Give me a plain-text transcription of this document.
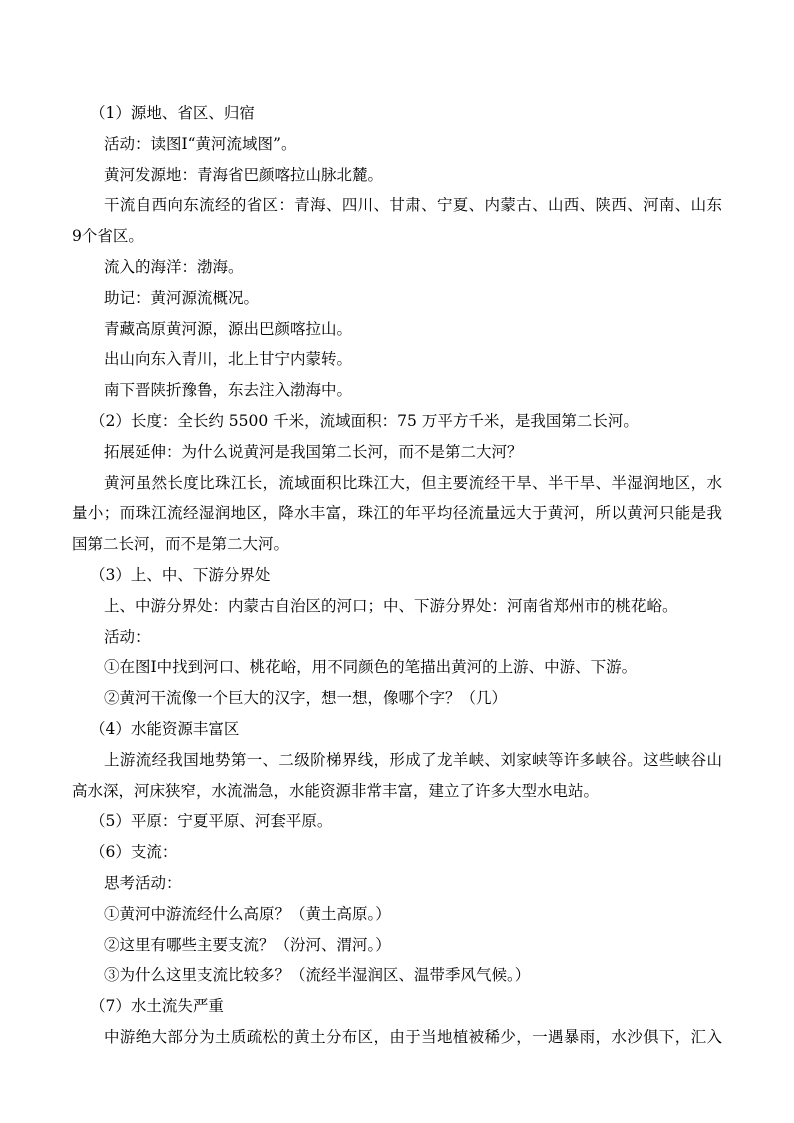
（1）源地、省区、归宿

活动：读图Ⅰ“黄河流域图”。

黄河发源地：青海省巴颜喀拉山脉北麓。

干流自西向东流经的省区：青海、四川、甘肃、宁夏、内蒙古、山西、陕西、河南、山东

9个省区。

流入的海洋：渤海。

助记：黄河源流概况。

青藏高原黄河源，源出巴颜喀拉山。

出山向东入青川，北上甘宁内蒙转。

南下晋陕折豫鲁，东去注入渤海中。

（2）长度：全长约 5500 千米，流域面积：75 万平方千米，是我国第二长河。

拓展延伸：为什么说黄河是我国第二长河，而不是第二大河？

黄河虽然长度比珠江长，流域面积比珠江大，但主要流经干旱、半干旱、半湿润地区，水

量小；而珠江流经湿润地区，降水丰富，珠江的年平均径流量远大于黄河，所以黄河只能是我

国第二长河，而不是第二大河。

（3）上、中、下游分界处

上、中游分界处：内蒙古自治区的河口；中、下游分界处：河南省郑州市的桃花峪。

活动：

①在图Ⅰ中找到河口、桃花峪，用不同颜色的笔描出黄河的上游、中游、下游。

②黄河干流像一个巨大的汉字，想一想，像哪个字？（几）

（4）水能资源丰富区

上游流经我国地势第一、二级阶梯界线，形成了龙羊峡、刘家峡等许多峡谷。这些峡谷山

高水深，河床狭窄，水流湍急，水能资源非常丰富，建立了许多大型水电站。

（5）平原：宁夏平原、河套平原。

（6）支流：

思考活动：

①黄河中游流经什么高原？（黄土高原。）

②这里有哪些主要支流？（汾河、渭河。）

③为什么这里支流比较多？（流经半湿润区、温带季风气候。）

（7）水土流失严重

中游绝大部分为土质疏松的黄土分布区，由于当地植被稀少，一遇暴雨，水沙俱下，汇入
